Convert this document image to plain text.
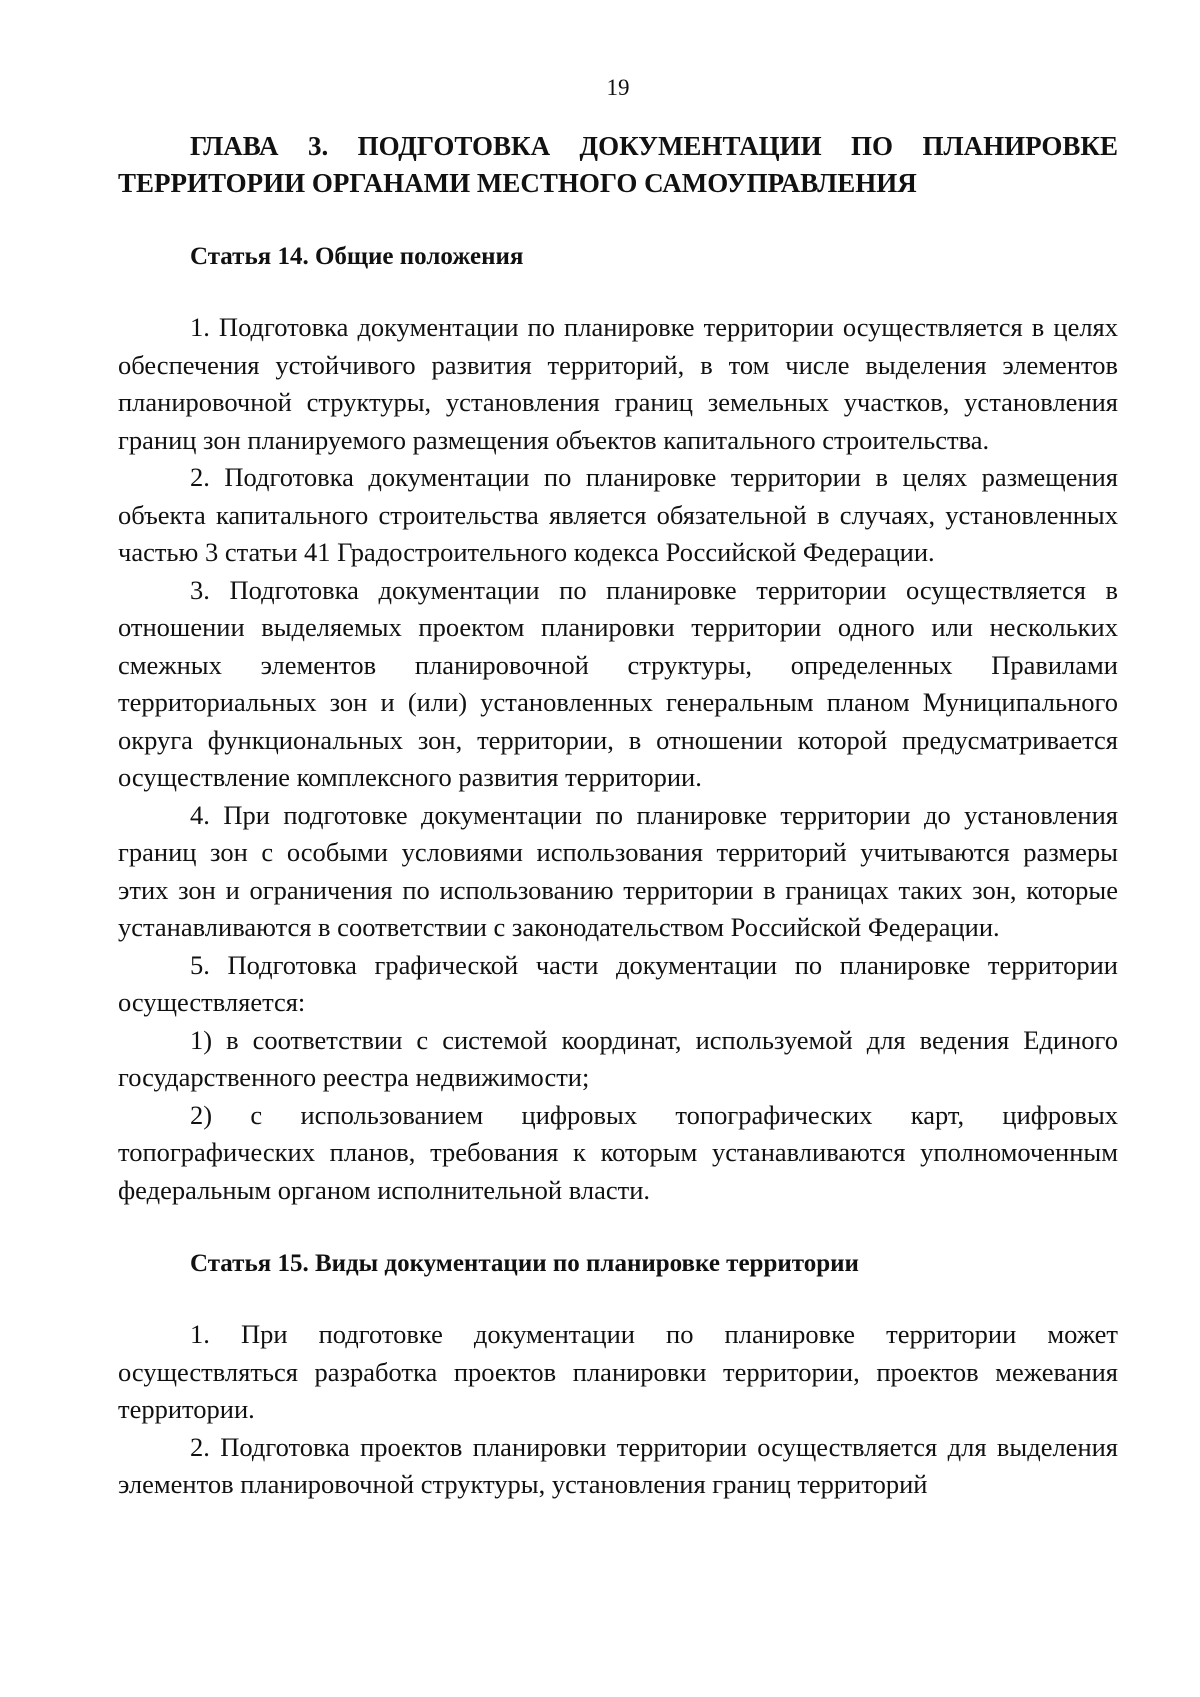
19
ГЛАВА 3. ПОДГОТОВКА ДОКУМЕНТАЦИИ ПО ПЛАНИРОВКЕ ТЕРРИТОРИИ ОРГАНАМИ МЕСТНОГО САМОУПРАВЛЕНИЯ
Статья 14. Общие положения

1. Подготовка документации по планировке территории осуществляется в целях обеспечения устойчивого развития территорий, в том числе выделения элементов планировочной структуры, установления границ земельных участков, установления границ зон планируемого размещения объектов капитального строительства.

2. Подготовка документации по планировке территории в целях размещения объекта капитального строительства является обязательной в случаях, установленных частью 3 статьи 41 Градостроительного кодекса Российской Федерации.

3. Подготовка документации по планировке территории осуществляется в отношении выделяемых проектом планировки территории одного или нескольких смежных элементов планировочной структуры, определенных Правилами территориальных зон и (или) установленных генеральным планом Муниципального округа функциональных зон, территории, в отношении которой предусматривается осуществление комплексного развития территории.

4. При подготовке документации по планировке территории до установления границ зон с особыми условиями использования территорий учитываются размеры этих зон и ограничения по использованию территории в границах таких зон, которые устанавливаются в соответствии с законодательством Российской Федерации.

5. Подготовка графической части документации по планировке территории осуществляется:

1) в соответствии с системой координат, используемой для ведения Единого государственного реестра недвижимости;

2) с использованием цифровых топографических карт, цифровых топографических планов, требования к которым устанавливаются уполномоченным федеральным органом исполнительной власти.

Статья 15. Виды документации по планировке территории

1. При подготовке документации по планировке территории может осуществляться разработка проектов планировки территории, проектов межевания территории.

2. Подготовка проектов планировки территории осуществляется для выделения элементов планировочной структуры, установления границ территорий
